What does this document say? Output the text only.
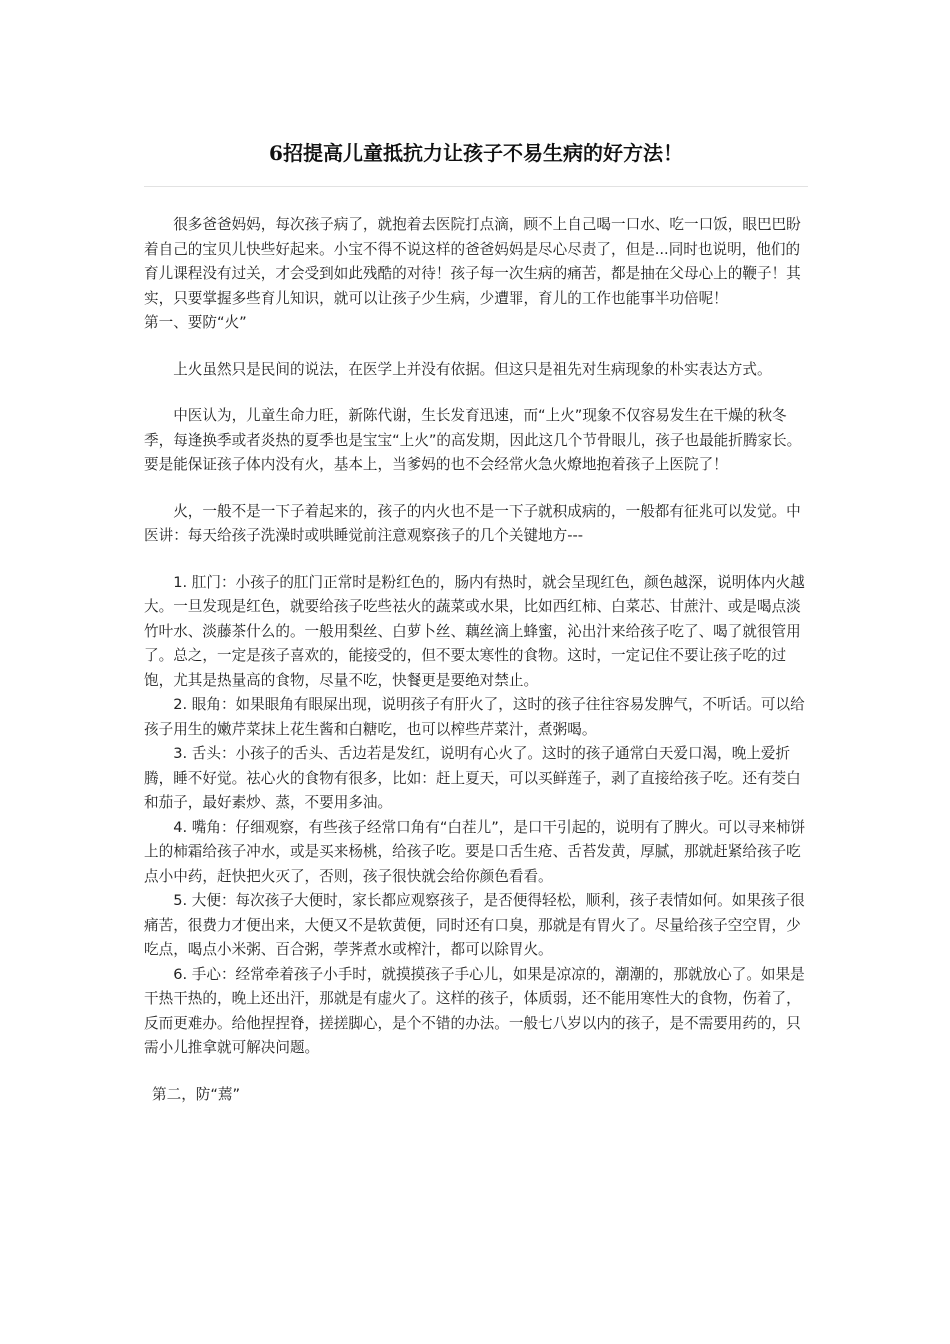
6招提高儿童抵抗力让孩子不易生病的好方法！

很多爸爸妈妈，每次孩子病了，就抱着去医院打点滴，顾不上自己喝一口水、吃一口饭，眼巴巴盼着自己的宝贝儿快些好起来。小宝不得不说这样的爸爸妈妈是尽心尽责了，但是...同时也说明，他们的育儿课程没有过关，才会受到如此残酷的对待！孩子每一次生病的痛苦，都是抽在父母心上的鞭子！其实，只要掌握多些育儿知识，就可以让孩子少生病，少遭罪，育儿的工作也能事半功倍呢！

第一、要防“火”

上火虽然只是民间的说法，在医学上并没有依据。但这只是祖先对生病现象的朴实表达方式。

中医认为，儿童生命力旺，新陈代谢，生长发育迅速，而“上火”现象不仅容易发生在干燥的秋冬季，每逢换季或者炎热的夏季也是宝宝“上火”的高发期，因此这几个节骨眼儿，孩子也最能折腾家长。要是能保证孩子体内没有火，基本上，当爹妈的也不会经常火急火燎地抱着孩子上医院了！

火，一般不是一下子着起来的，孩子的内火也不是一下子就积成病的，一般都有征兆可以发觉。中医讲：每天给孩子洗澡时或哄睡觉前注意观察孩子的几个关键地方---

1. 肛门：小孩子的肛门正常时是粉红色的，肠内有热时，就会呈现红色，颜色越深，说明体内火越大。一旦发现是红色，就要给孩子吃些祛火的蔬菜或水果，比如西红柿、白菜芯、甘蔗汁、或是喝点淡竹叶水、淡藤茶什么的。一般用梨丝、白萝卜丝、藕丝滴上蜂蜜，沁出汁来给孩子吃了、喝了就很管用了。总之，一定是孩子喜欢的，能接受的，但不要太寒性的食物。这时，一定记住不要让孩子吃的过饱，尤其是热量高的食物，尽量不吃，快餐更是要绝对禁止。

2. 眼角：如果眼角有眼屎出现，说明孩子有肝火了，这时的孩子往往容易发脾气，不听话。可以给孩子用生的嫩芹菜抹上花生酱和白糖吃，也可以榨些芹菜汁，煮粥喝。

3. 舌头：小孩子的舌头、舌边若是发红，说明有心火了。这时的孩子通常白天爱口渴，晚上爱折腾，睡不好觉。祛心火的食物有很多，比如：赶上夏天，可以买鲜莲子，剥了直接给孩子吃。还有茭白和茄子，最好素炒、蒸，不要用多油。

4. 嘴角：仔细观察，有些孩子经常口角有“白茬儿”，是口干引起的，说明有了脾火。可以寻来柿饼上的柿霜给孩子冲水，或是买来杨桃，给孩子吃。要是口舌生疮、舌苔发黄，厚腻，那就赶紧给孩子吃点小中药，赶快把火灭了，否则，孩子很快就会给你颜色看看。

5. 大便：每次孩子大便时，家长都应观察孩子，是否便得轻松，顺利，孩子表情如何。如果孩子很痛苦，很费力才便出来，大便又不是软黄便，同时还有口臭，那就是有胃火了。尽量给孩子空空胃，少吃点，喝点小米粥、百合粥，荸荠煮水或榨汁，都可以除胃火。

6. 手心：经常牵着孩子小手时，就摸摸孩子手心儿，如果是凉凉的，潮潮的，那就放心了。如果是干热干热的，晚上还出汗，那就是有虚火了。这样的孩子，体质弱，还不能用寒性大的食物，伤着了，反而更难办。给他捏捏脊，搓搓脚心，是个不错的办法。一般七八岁以内的孩子，是不需要用药的，只需小儿推拿就可解决问题。

第二，防“蔫”
